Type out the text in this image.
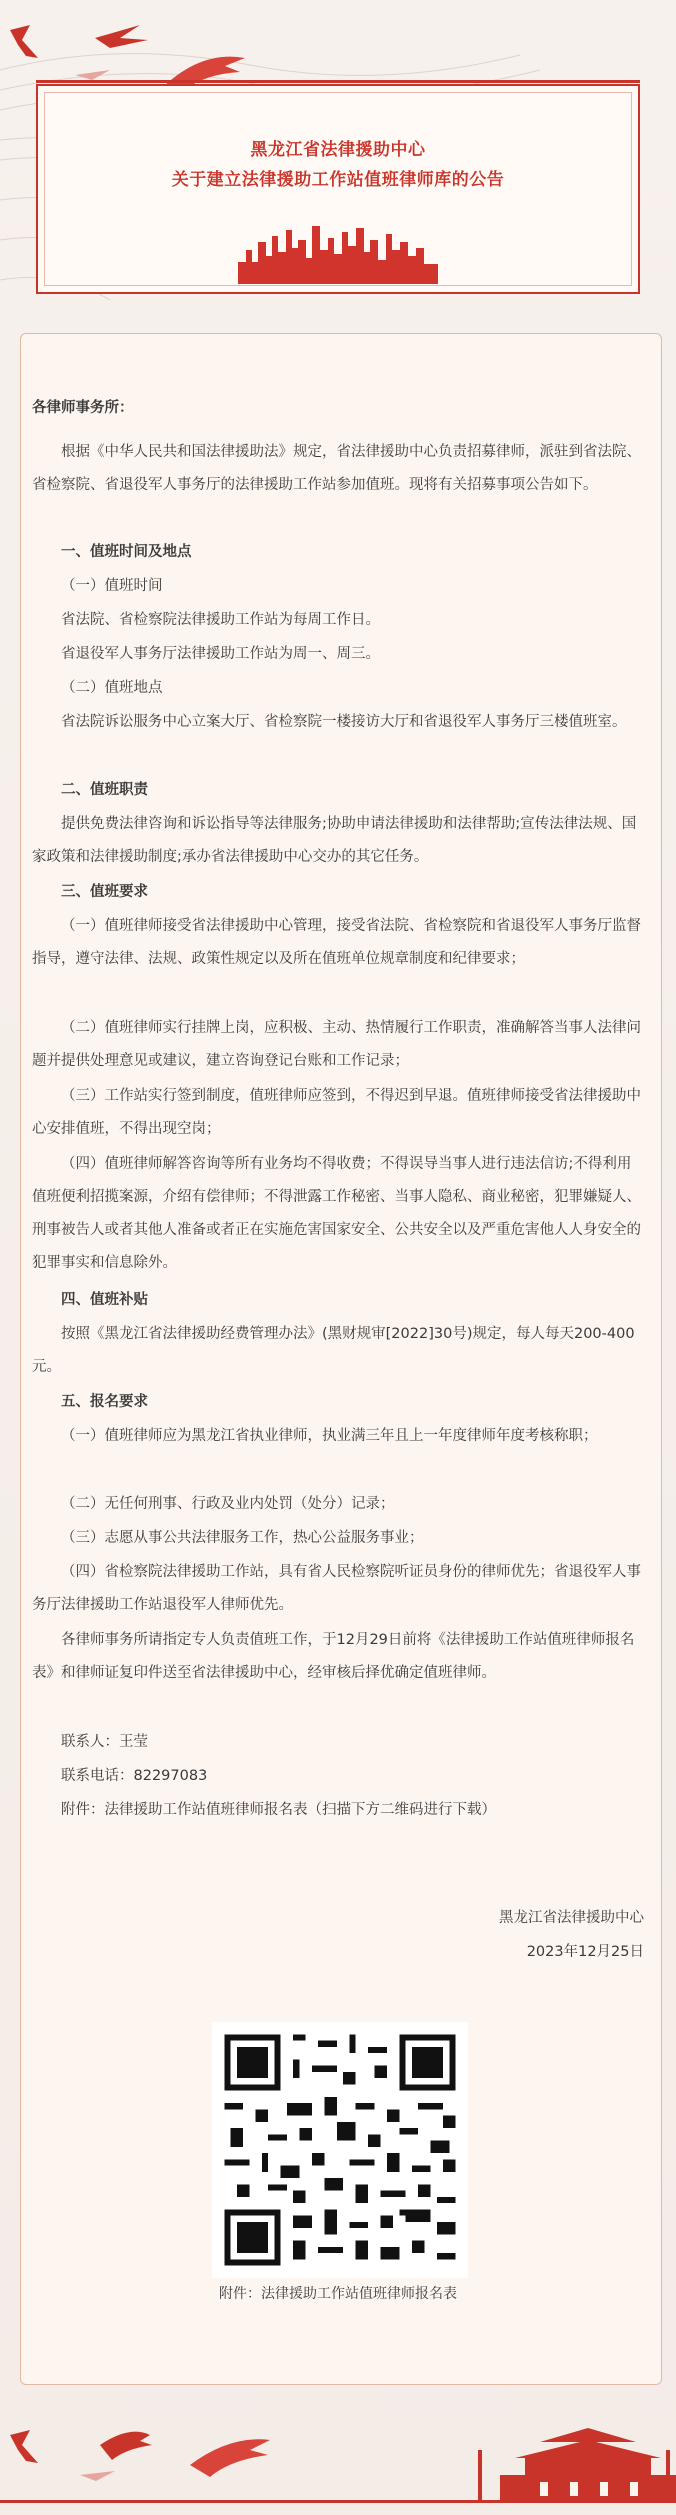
黑龙江省法律援助中心
关于建立法律援助工作站值班律师库的公告
各律师事务所：
根据《中华人民共和国法律援助法》规定，省法律援助中心负责招募律师，派驻到省法院、省检察院、省退役军人事务厅的法律援助工作站参加值班。现将有关招募事项公告如下。
一、值班时间及地点
（一）值班时间
省法院、省检察院法律援助工作站为每周工作日。
省退役军人事务厅法律援助工作站为周一、周三。
（二）值班地点
省法院诉讼服务中心立案大厅、省检察院一楼接访大厅和省退役军人事务厅三楼值班室。
二、值班职责
提供免费法律咨询和诉讼指导等法律服务;协助申请法律援助和法律帮助;宣传法律法规、国家政策和法律援助制度;承办省法律援助中心交办的其它任务。
三、值班要求
（一）值班律师接受省法律援助中心管理，接受省法院、省检察院和省退役军人事务厅监督指导，遵守法律、法规、政策性规定以及所在值班单位规章制度和纪律要求；
（二）值班律师实行挂牌上岗，应积极、主动、热情履行工作职责，准确解答当事人法律问题并提供处理意见或建议，建立咨询登记台账和工作记录；
（三）工作站实行签到制度，值班律师应签到，不得迟到早退。值班律师接受省法律援助中心安排值班，不得出现空岗；
（四）值班律师解答咨询等所有业务均不得收费；不得误导当事人进行违法信访;不得利用值班便利招揽案源，介绍有偿律师；不得泄露工作秘密、当事人隐私、商业秘密，犯罪嫌疑人、刑事被告人或者其他人准备或者正在实施危害国家安全、公共安全以及严重危害他人人身安全的犯罪事实和信息除外。
四、值班补贴
按照《黑龙江省法律援助经费管理办法》(黑财规审[2022]30号)规定，每人每天200-400元。
五、报名要求
（一）值班律师应为黑龙江省执业律师，执业满三年且上一年度律师年度考核称职；
（二）无任何刑事、行政及业内处罚（处分）记录；
（三）志愿从事公共法律服务工作，热心公益服务事业；
（四）省检察院法律援助工作站，具有省人民检察院听证员身份的律师优先；省退役军人事务厅法律援助工作站退役军人律师优先。
各律师事务所请指定专人负责值班工作，于12月29日前将《法律援助工作站值班律师报名表》和律师证复印件送至省法律援助中心，经审核后择优确定值班律师。
联系人：王莹
联系电话：82297083
附件：法律援助工作站值班律师报名表（扫描下方二维码进行下载）
黑龙江省法律援助中心
2023年12月25日
附件：法律援助工作站值班律师报名表
